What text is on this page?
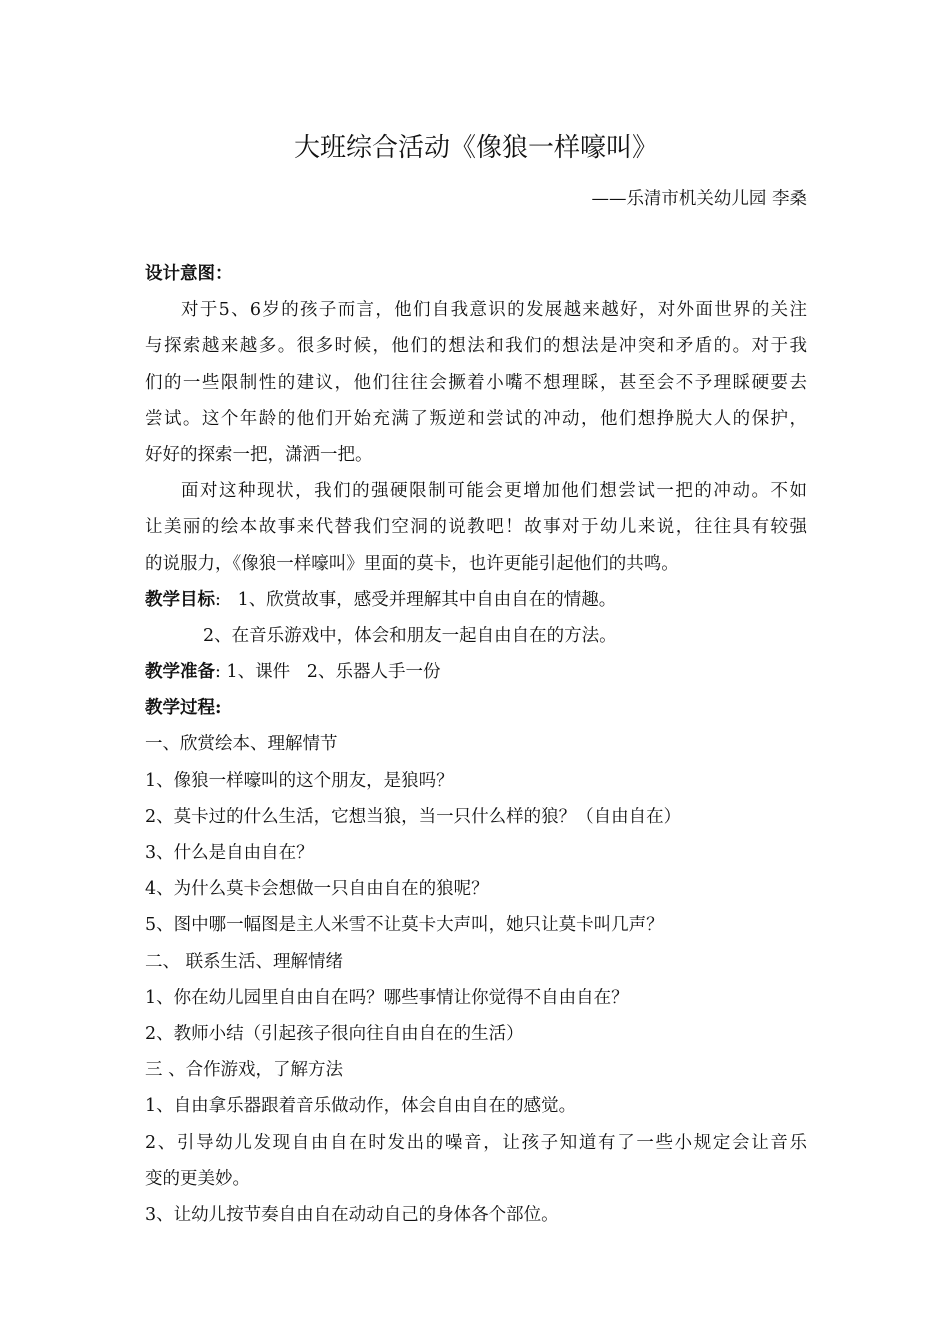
大班综合活动《像狼一样嚎叫》
——乐清市机关幼儿园 李桑
设计意图：
对于5、6岁的孩子而言，他们自我意识的发展越来越好，对外面世界的关注
与探索越来越多。很多时候，他们的想法和我们的想法是冲突和矛盾的。对于我
们的一些限制性的建议，他们往往会撅着小嘴不想理睬，甚至会不予理睬硬要去
尝试。这个年龄的他们开始充满了叛逆和尝试的冲动，他们想挣脱大人的保护，
好好的探索一把，潇洒一把。
面对这种现状，我们的强硬限制可能会更增加他们想尝试一把的冲动。不如
让美丽的绘本故事来代替我们空洞的说教吧！故事对于幼儿来说，往往具有较强
的说服力，《像狼一样嚎叫》里面的莫卡，也许更能引起他们的共鸣。
教学目标: 1、欣赏故事，感受并理解其中自由自在的情趣。
2、在音乐游戏中，体会和朋友一起自由自在的方法。
教学准备: 1、课件   2、乐器人手一份
教学过程:
一、欣赏绘本、理解情节
1、像狼一样嚎叫的这个朋友，是狼吗？
2、莫卡过的什么生活，它想当狼，当一只什么样的狼？（自由自在）
3、什么是自由自在？
4、为什么莫卡会想做一只自由自在的狼呢？
5、图中哪一幅图是主人米雪不让莫卡大声叫，她只让莫卡叫几声？
二、 联系生活、理解情绪
1、你在幼儿园里自由自在吗？哪些事情让你觉得不自由自在？
2、教师小结（引起孩子很向往自由自在的生活）
三 、合作游戏，了解方法
1、自由拿乐器跟着音乐做动作，体会自由自在的感觉。
2、引导幼儿发现自由自在时发出的噪音，让孩子知道有了一些小规定会让音乐
变的更美妙。
3、让幼儿按节奏自由自在动动自己的身体各个部位。
